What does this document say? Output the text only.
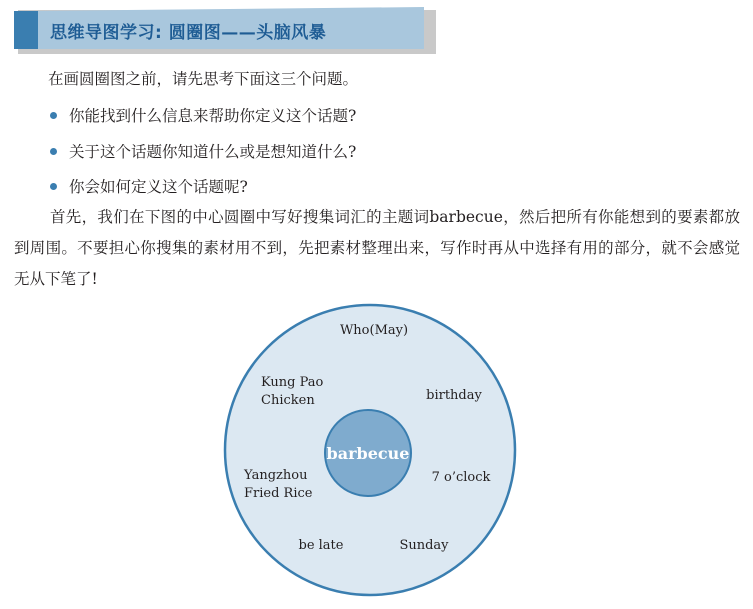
思维导图学习: 圆圈图——头脑风暴
在画圆圈图之前，请先思考下面这三个问题。
你能找到什么信息来帮助你定义这个话题?
关于这个话题你知道什么或是想知道什么?
你会如何定义这个话题呢?

首先，我们在下图的中心圆圈中写好搜集词汇的主题词barbecue，然后把所有你能想到的要素都放到周围。不要担心你搜集的素材用不到，先把素材整理出来，写作时再从中选择有用的部分，就不会感觉无从下笔了!

barbecue
Who(May)
Kung Pao
Chicken	birthday
Yangzhou
Fried Rice
7 o’clock
be late	Sunday
